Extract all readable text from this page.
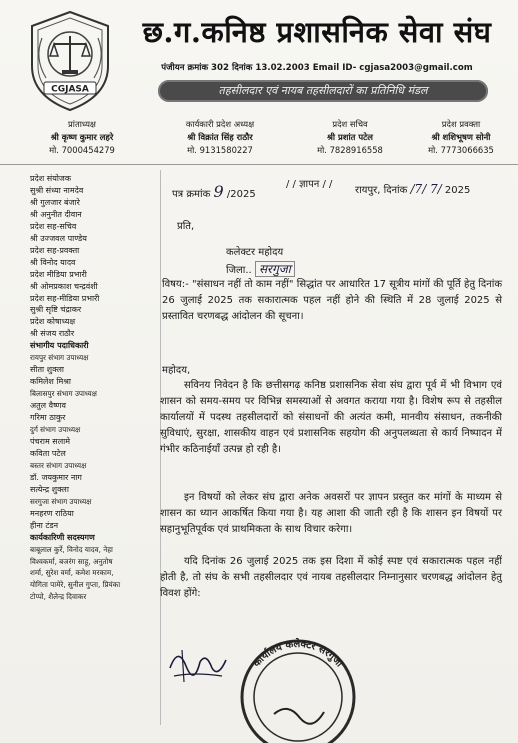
CGJASA
छ.ग.कनिष्ठ प्रशासनिक सेवा संघ
पंजीयन क्रमांक 302 दिनांक 13.02.2003 Email ID- cgjasa2003@gmail.com
तहसीलदार एवं नायब तहसीलदारों का प्रतिनिधि मंडल
प्रांताध्यक्ष
श्री कृष्ण कुमार लहरे
मो. 7000454279
कार्यकारी प्रदेश अध्यक्ष
श्री विक्रांत सिंह राठौर
मो. 9131580227
प्रदेश सचिव
श्री प्रशांत पटेल
मो. 7828916558
प्रदेश प्रवक्ता
श्री शशिभूषण सोनी
मो. 7773066635
प्रदेश संयोजक
सुश्री संध्या नामदेव
श्री गुलजार बंजारे
श्री अनुनीत दीवान
प्रदेश सह-सचिव
श्री उज्जवल पाण्डेय
प्रदेश सह-प्रवक्ता
श्री विनोद यादव
प्रदेश मीडिया प्रभारी
श्री ओमप्रकाश चन्द्रवंशी
प्रदेश सह-मीडिया प्रभारी
सुश्री सृष्टि चंद्राकर
प्रदेश कोषाध्यक्ष
श्री संजय राठौर
संभागीय पदाधिकारी
रायपुर संभाग उपाध्यक्ष
सीता शुक्ला
कमिलेश मिश्रा
बिलासपुर संभाग उपाध्यक्ष
अतुल वैष्णव
गरिमा ठाकुर
दुर्ग संभाग उपाध्यक्ष
पंचराम सलामे
कविता पटेल
बस्तर संभाग उपाध्यक्ष
डॉ. जयकुमार नाग
सत्येन्द्र शुक्ला
सरगुजा संभाग उपाध्यक्ष
मनहरण राठिया
हीना टंडन
कार्यकारिणी सदस्यगण
बाबूलाल कुर्रे, विनोद यादव, नेहा
विश्वकर्मा, बजरंग साहू, अनुतोष
शर्मा, सुरेश वर्मा, कमेश मरकाम,
योगिता पामेरे, सुनील गुप्ता, प्रियंका
टोप्पो, शैलेन्द्र दिवाकर
पत्र क्रमांक 9 /2025
/ / ज्ञापन / /
रायपुर, दिनांक /7/ 7/ 2025
प्रति,
कलेक्टर महोदय
जिला.. सरगुजा
विषय:- "संसाधन नहीं तो काम नहीं" सिद्धांत पर आधारित 17 सूत्रीय मांगों की पूर्ति हेतु दिनांक 26 जुलाई 2025 तक सकारात्मक पहल नहीं होने की स्थिति में 28 जुलाई 2025 से प्रस्तावित चरणबद्ध आंदोलन की सूचना।
महोदय,
सविनय निवेदन है कि छत्तीसगढ़ कनिष्ठ प्रशासनिक सेवा संघ द्वारा पूर्व में भी विभाग एवं शासन को समय-समय पर विभिन्न समस्याओं से अवगत कराया गया है। विशेष रूप से तहसील कार्यालयों में पदस्थ तहसीलदारों को संसाधनों की अत्यंत कमी, मानवीय संसाधन, तकनीकी सुविधाएं, सुरक्षा, शासकीय वाहन एवं प्रशासनिक सहयोग की अनुपलब्धता से कार्य निष्पादन में गंभीर कठिनाईयाँ उत्पन्न हो रही है।
इन विषयों को लेकर संघ द्वारा अनेक अवसरों पर ज्ञापन प्रस्तुत कर मांगों के माध्यम से शासन का ध्यान आकर्षित किया गया है। यह आशा की जाती रही है कि शासन इन विषयों पर सहानुभूतिपूर्वक एवं प्राथमिकता के साथ विचार करेगा।
यदि दिनांक 26 जुलाई 2025 तक इस दिशा में कोई स्पष्ट एवं सकारात्मक पहल नहीं होती है, तो संघ के सभी तहसीलदार एवं नायब तहसीलदार निम्नानुसार चरणबद्ध आंदोलन हेतु विवश होंगे:
कार्यालय कलेक्टर सरगुजा
